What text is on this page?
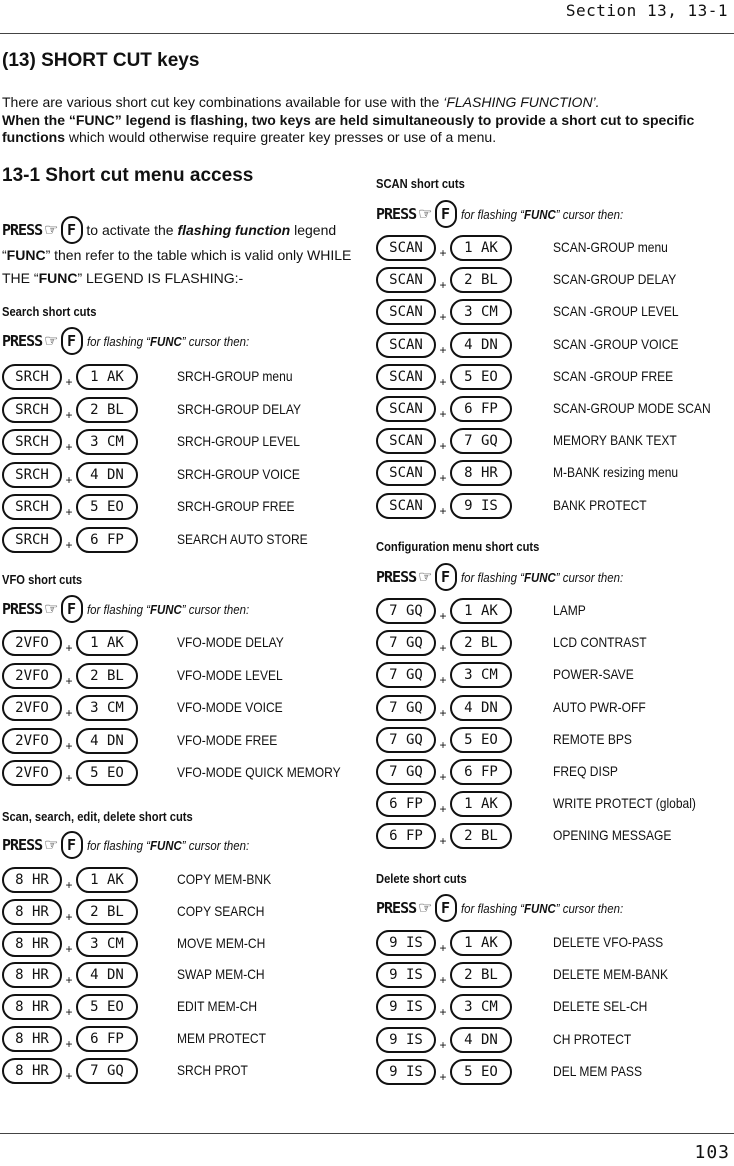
Section 13, 13-1
(13) SHORT CUT keys

There are various short cut key combinations available for use with the ‘FLASHING FUNCTION’.
When the “FUNC” legend is flashing, two keys are held simultaneously to provide a short cut to specific functions which would otherwise require greater key presses or use of a menu.

13-1 Short cut menu access

PRESS ☞ F to activate the flashing function legend “FUNC” then refer to the table which is valid only WHILE THE “FUNC” LEGEND IS FLASHING:-

Search short cuts
PRESS ☞ F for flashing “FUNC” cursor then:
SRCH	+	1 AK	SRCH-GROUP menu
SRCH	+	2 BL	SRCH-GROUP DELAY
SRCH	+	3 CM	SRCH-GROUP LEVEL
SRCH	+	4 DN	SRCH-GROUP VOICE
SRCH	+	5 EO	SRCH-GROUP FREE
SRCH	+	6 FP	SEARCH AUTO STORE
VFO short cuts
PRESS ☞ F for flashing “FUNC” cursor then:
2VFO	+	1 AK	VFO-MODE DELAY
2VFO	+	2 BL	VFO-MODE LEVEL
2VFO	+	3 CM	VFO-MODE VOICE
2VFO	+	4 DN	VFO-MODE FREE
2VFO	+	5 EO	VFO-MODE QUICK MEMORY
Scan, search, edit, delete short cuts
PRESS ☞ F for flashing “FUNC” cursor then:
8 HR	+	1 AK	COPY MEM-BNK
8 HR	+	2 BL	COPY SEARCH
8 HR	+	3 CM	MOVE MEM-CH
8 HR	+	4 DN	SWAP MEM-CH
8 HR	+	5 EO	EDIT MEM-CH
8 HR	+	6 FP	MEM PROTECT
8 HR	+	7 GQ	SRCH PROT
SCAN short cuts
PRESS ☞ F for flashing “FUNC” cursor then:
SCAN	+	1 AK	SCAN-GROUP menu
SCAN	+	2 BL	SCAN-GROUP DELAY
SCAN	+	3 CM	SCAN -GROUP LEVEL
SCAN	+	4 DN	SCAN -GROUP VOICE
SCAN	+	5 EO	SCAN -GROUP FREE
SCAN	+	6 FP	SCAN-GROUP MODE SCAN
SCAN	+	7 GQ	MEMORY BANK TEXT
SCAN	+	8 HR	M-BANK resizing menu
SCAN	+	9 IS	BANK PROTECT
Configuration menu short cuts
PRESS ☞ F for flashing “FUNC” cursor then:
7 GQ	+	1 AK	LAMP
7 GQ	+	2 BL	LCD CONTRAST
7 GQ	+	3 CM	POWER-SAVE
7 GQ	+	4 DN	AUTO PWR-OFF
7 GQ	+	5 EO	REMOTE BPS
7 GQ	+	6 FP	FREQ DISP
6 FP	+	1 AK	WRITE PROTECT (global)
6 FP	+	2 BL	OPENING MESSAGE
Delete short cuts
PRESS ☞ F for flashing “FUNC” cursor then:
9 IS	+	1 AK	DELETE VFO-PASS
9 IS	+	2 BL	DELETE MEM-BANK
9 IS	+	3 CM	DELETE SEL-CH
9 IS	+	4 DN	CH PROTECT
9 IS	+	5 EO	DEL MEM PASS
103
